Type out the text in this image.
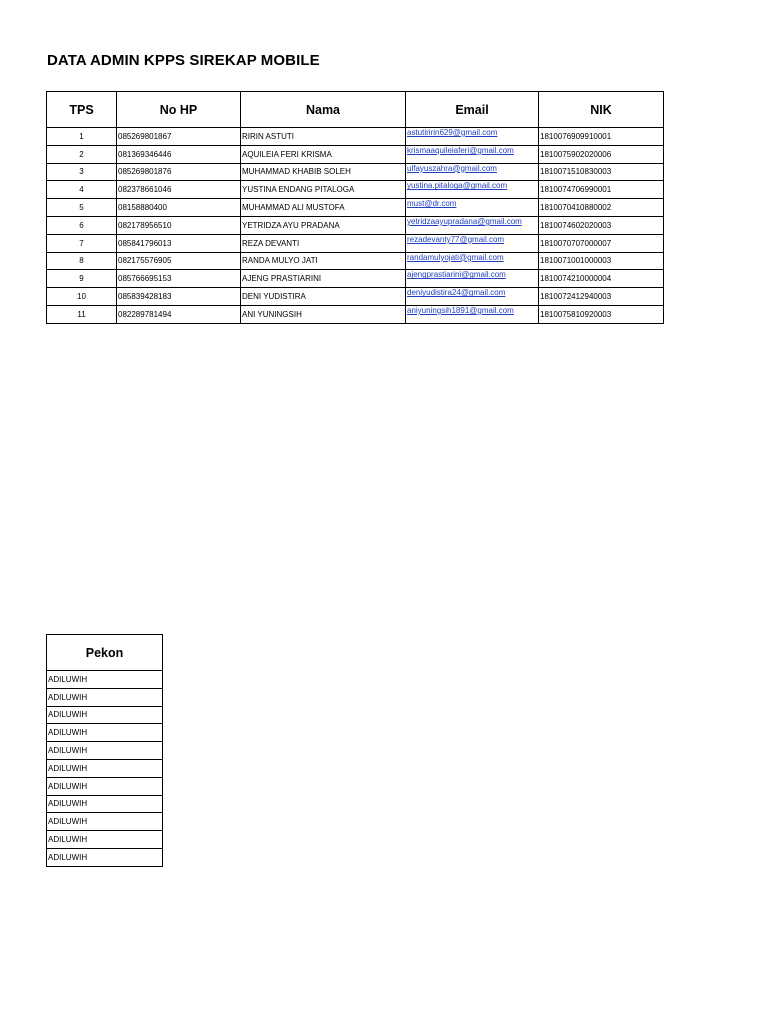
DATA ADMIN KPPS SIREKAP MOBILE
TPS	No HP	Nama	Email	NIK
1	085269801867	RIRIN ASTUTI	astutiririn629@gmail.com	1810076909910001
2	081369346446	AQUILEIA FERI KRISMA	krismaaquileiaferi@gmail.com	1810075902020006
3	085269801876	MUHAMMAD KHABIB SOLEH	ulfayuszahra@gmail.com	1810071510830003
4	082378661046	YUSTINA ENDANG PITALOGA	yustina.pitaloga@gmail.com	1810074706990001
5	08158880400	MUHAMMAD ALI MUSTOFA	must@dr.com	1810070410880002
6	082178956510	YETRIDZA AYU PRADANA	yetridzaayupradana@gmail.com	1810074602020003
7	085841796013	REZA DEVANTI	rezadevanty77@gmail.com	1810070707000007
8	082175576905	RANDA MULYO JATI	randamulyojati@gmail.com	1810071001000003
9	085766695153	AJENG PRASTIARINI	ajengprastiarini@gmail.com	1810074210000004
10	085839428183	DENI YUDISTIRA	deniyudistira24@gmail.com	1810072412940003
11	082289781494	ANI YUNINGSIH	aniyuningsih1891@gmail.com	1810075810920003
Pekon
ADILUWIH
ADILUWIH
ADILUWIH
ADILUWIH
ADILUWIH
ADILUWIH
ADILUWIH
ADILUWIH
ADILUWIH
ADILUWIH
ADILUWIH
